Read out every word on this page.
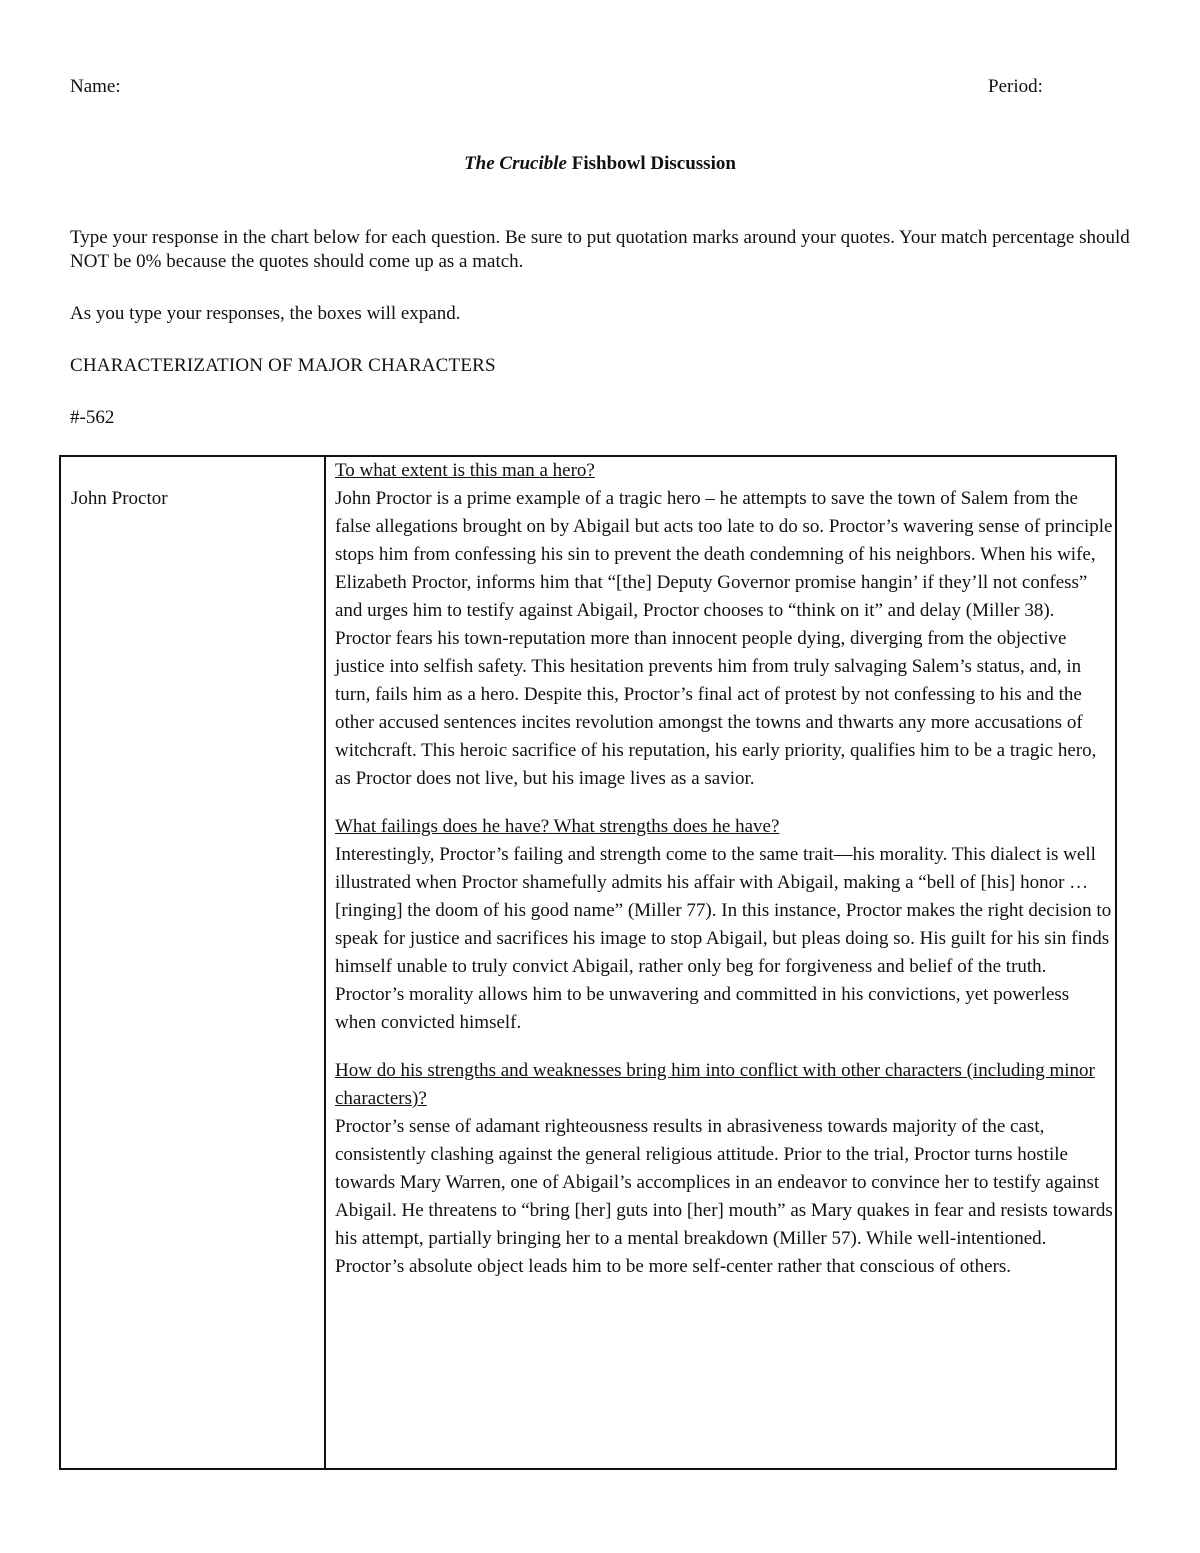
Name:	Period:
The Crucible Fishbowl Discussion
Type your response in the chart below for each question. Be sure to put quotation marks around your quotes. Your match percentage should NOT be 0% because the quotes should come up as a match.
As you type your responses, the boxes will expand.
CHARACTERIZATION OF MAJOR CHARACTERS
#-562
John Proctor
To what extent is this man a hero?

John Proctor is a prime example of a tragic hero – he attempts to save the town of Salem from the false allegations brought on by Abigail but acts too late to do so. Proctor’s wavering sense of principle stops him from confessing his sin to prevent the death condemning of his neighbors. When his wife, Elizabeth Proctor, informs him that “[the] Deputy Governor promise hangin’ if they’ll not confess” and urges him to testify against Abigail, Proctor chooses to “think on it” and delay (Miller 38). Proctor fears his town-reputation more than innocent people dying, diverging from the objective justice into selfish safety. This hesitation prevents him from truly salvaging Salem’s status, and, in turn, fails him as a hero. Despite this, Proctor’s final act of protest by not confessing to his and the other accused sentences incites revolution amongst the towns and thwarts any more accusations of witchcraft. This heroic sacrifice of his reputation, his early priority, qualifies him to be a tragic hero, as Proctor does not live, but his image lives as a savior.

What failings does he have? What strengths does he have?

Interestingly, Proctor’s failing and strength come to the same trait—his morality. This dialect is well illustrated when Proctor shamefully admits his affair with Abigail, making a “bell of [his] honor … [ringing] the doom of his good name” (Miller 77). In this instance, Proctor makes the right decision to speak for justice and sacrifices his image to stop Abigail, but pleas doing so. His guilt for his sin finds himself unable to truly convict Abigail, rather only beg for forgiveness and belief of the truth. Proctor’s morality allows him to be unwavering and committed in his convictions, yet powerless when convicted himself.

How do his strengths and weaknesses bring him into conflict with other characters (including minor characters)?

Proctor’s sense of adamant righteousness results in abrasiveness towards majority of the cast, consistently clashing against the general religious attitude. Prior to the trial, Proctor turns hostile towards Mary Warren, one of Abigail’s accomplices in an endeavor to convince her to testify against Abigail. He threatens to “bring [her] guts into [her] mouth” as Mary quakes in fear and resists towards his attempt, partially bringing her to a mental breakdown (Miller 57). While well-intentioned. Proctor’s absolute object leads him to be more self-center rather that conscious of others.
